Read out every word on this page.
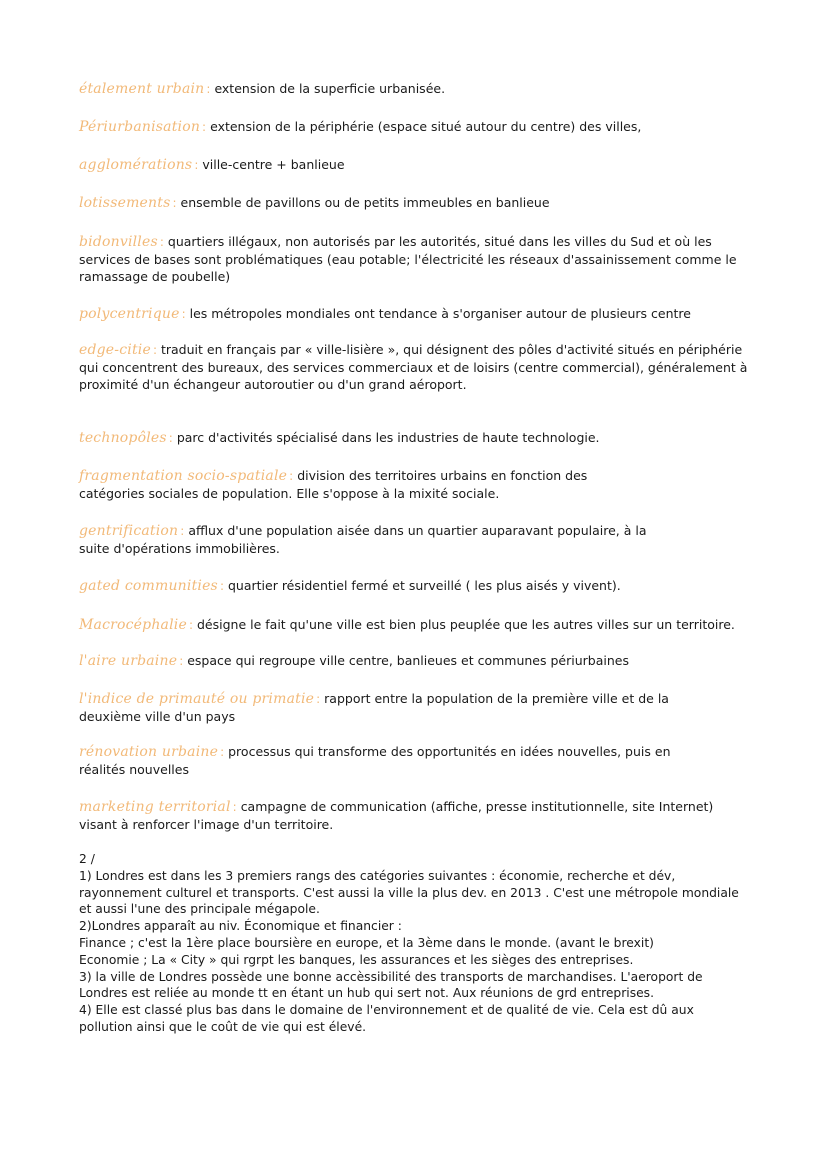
étalement urbain : extension de la superficie urbanisée.
Périurbanisation : extension de la périphérie (espace situé autour du centre) des villes,
agglomérations : ville-centre + banlieue
lotissements : ensemble de pavillons ou de petits immeubles en banlieue
bidonvilles : quartiers illégaux, non autorisés par les autorités, situé dans les villes du Sud et où les services de bases sont problématiques (eau potable; l'électricité les réseaux d'assainissement comme le ramassage de poubelle)
polycentrique : les métropoles mondiales ont tendance à s'organiser autour de plusieurs centre
edge-citie : traduit en français par « ville-lisière », qui désignent des pôles d'activité situés en périphérie qui concentrent des bureaux, des services commerciaux et de loisirs (centre commercial), généralement à proximité d'un échangeur autoroutier ou d'un grand aéroport.
technopôles : parc d'activités spécialisé dans les industries de haute technologie.
fragmentation socio-spatiale : division des territoires urbains en fonction des catégories sociales de population. Elle s'oppose à la mixité sociale.
gentrification : afflux d'une population aisée dans un quartier auparavant populaire, à la suite d'opérations immobilières.
gated communities : quartier résidentiel fermé et surveillé ( les plus aisés y vivent).
Macrocéphalie : désigne le fait qu'une ville est bien plus peuplée que les autres villes sur un territoire.
l'aire urbaine : espace qui regroupe ville centre, banlieues et communes périurbaines
l'indice de primauté ou primatie : rapport entre la population de la première ville et de la deuxième ville d'un pays
rénovation urbaine : processus qui transforme des opportunités en idées nouvelles, puis en réalités nouvelles
marketing territorial : campagne de communication (affiche, presse institutionnelle, site Internet) visant à renforcer l'image d'un territoire.

2 /

1) Londres est dans les 3 premiers rangs des catégories suivantes : économie, recherche et dév, rayonnement culturel et transports. C'est aussi la ville la plus dev. en 2013 . C'est une métropole mondiale et aussi l'une des principale mégapole.

2)Londres apparaît au niv. Économique et financier :

Finance ; c'est la 1ère place boursière en europe, et la 3ème dans le monde. (avant le brexit)

Economie ; La « City » qui rgrpt les banques, les assurances et les sièges des entreprises.

3) la ville de Londres possède une bonne accèssibilité des transports de marchandises. L'aeroport de Londres est reliée au monde tt en étant un hub qui sert not. Aux réunions de grd entreprises.

4) Elle est classé plus bas dans le domaine de l'environnement et de qualité de vie. Cela est dû aux pollution ainsi que le coût de vie qui est élevé.
